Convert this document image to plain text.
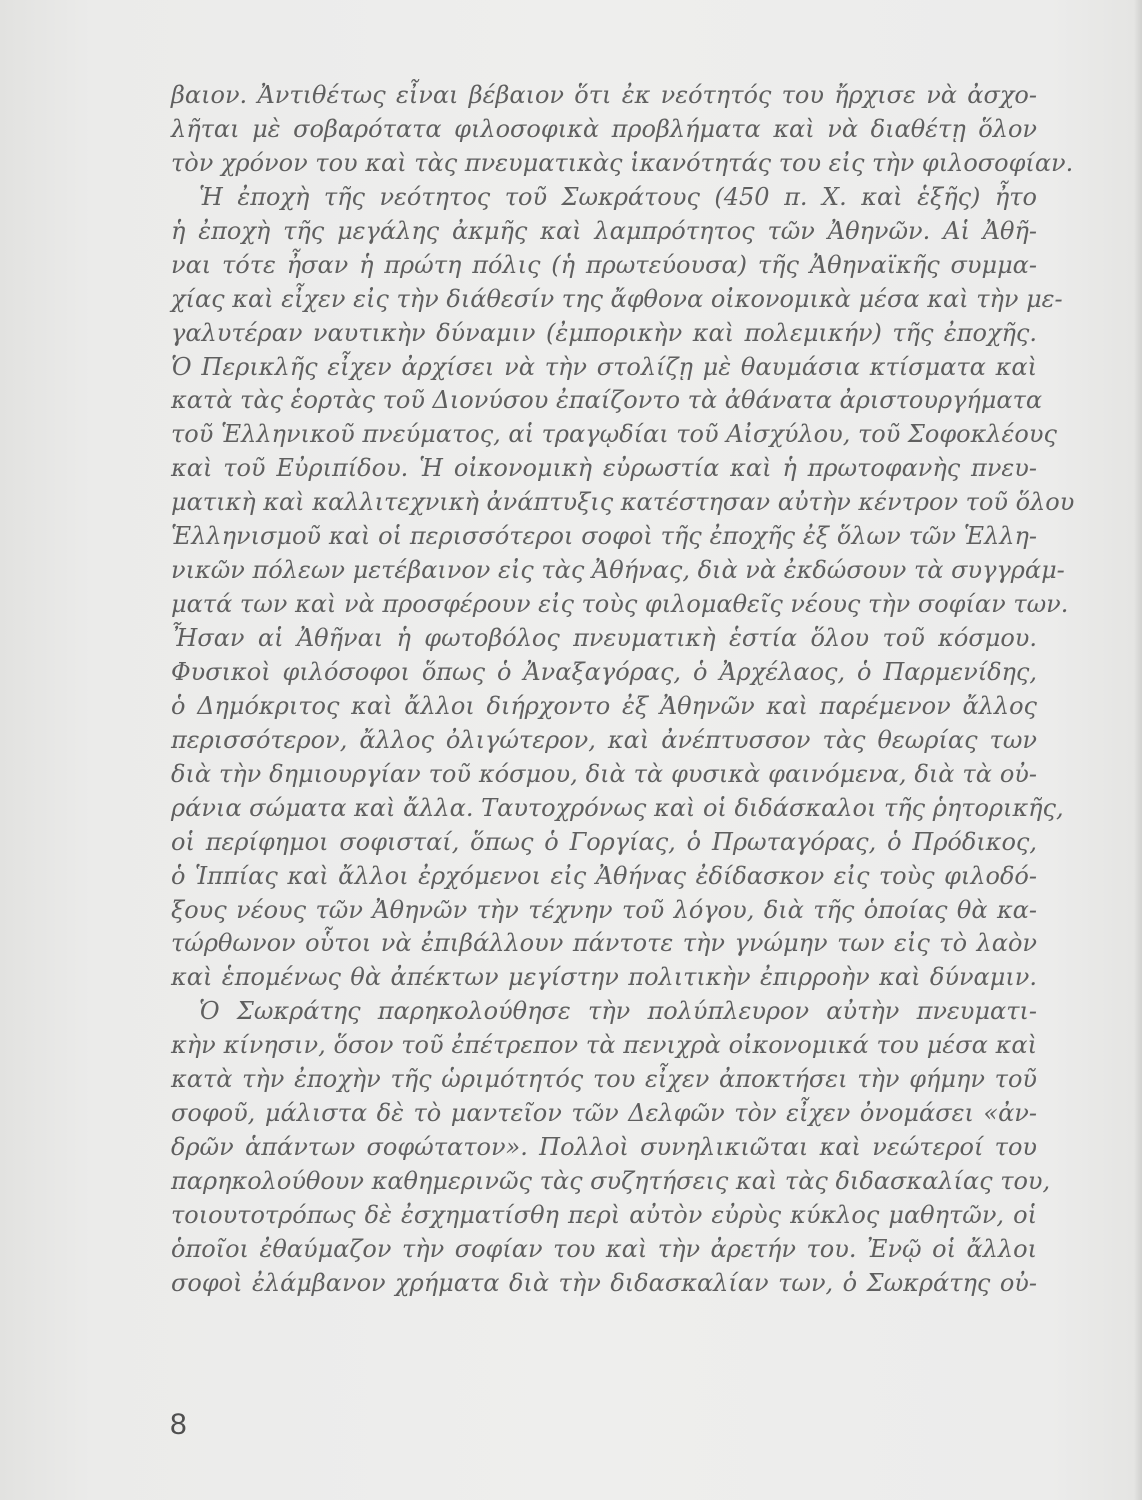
βαιον. Ἀντιθέτως εἶναι βέβαιον ὅτι ἐκ νεότητός του ἤρχισε νὰ ἀσχο-
λῆται μὲ σοβαρότατα φιλοσοφικὰ προβλήματα καὶ νὰ διαθέτῃ ὅλον
τὸν χρόνον του καὶ τὰς πνευματικὰς ἱκανότητάς του εἰς τὴν φιλοσοφίαν.
Ἡ ἐποχὴ τῆς νεότητος τοῦ Σωκράτους (450 π. Χ. καὶ ἑξῆς) ἦτο
ἡ ἐποχὴ τῆς μεγάλης ἀκμῆς καὶ λαμπρότητος τῶν Ἀθηνῶν. Αἱ Ἀθῆ-
ναι τότε ἦσαν ἡ πρώτη πόλις (ἡ πρωτεύουσα) τῆς Ἀθηναϊκῆς συμμα-
χίας καὶ εἶχεν εἰς τὴν διάθεσίν της ἄφθονα οἰκονομικὰ μέσα καὶ τὴν με-
γαλυτέραν ναυτικὴν δύναμιν (ἐμπορικὴν καὶ πολεμικήν) τῆς ἐποχῆς.
Ὁ Περικλῆς εἶχεν ἀρχίσει νὰ τὴν στολίζῃ μὲ θαυμάσια κτίσματα καὶ
κατὰ τὰς ἑορτὰς τοῦ Διονύσου ἐπαίζοντο τὰ ἀθάνατα ἀριστουργήματα
τοῦ Ἑλληνικοῦ πνεύματος, αἱ τραγῳδίαι τοῦ Αἰσχύλου, τοῦ Σοφοκλέους
καὶ τοῦ Εὐριπίδου. Ἡ οἰκονομικὴ εὐρωστία καὶ ἡ πρωτοφανὴς πνευ-
ματικὴ καὶ καλλιτεχνικὴ ἀνάπτυξις κατέστησαν αὐτὴν κέντρον τοῦ ὅλου
Ἑλληνισμοῦ καὶ οἱ περισσότεροι σοφοὶ τῆς ἐποχῆς ἐξ ὅλων τῶν Ἑλλη-
νικῶν πόλεων μετέβαινον εἰς τὰς Ἀθήνας, διὰ νὰ ἐκδώσουν τὰ συγγράμ-
ματά των καὶ νὰ προσφέρουν εἰς τοὺς φιλομαθεῖς νέους τὴν σοφίαν των.
Ἦσαν αἱ Ἀθῆναι ἡ φωτοβόλος πνευματικὴ ἑστία ὅλου τοῦ κόσμου.
Φυσικοὶ φιλόσοφοι ὅπως ὁ Ἀναξαγόρας, ὁ Ἀρχέλαος, ὁ Παρμενίδης,
ὁ Δημόκριτος καὶ ἄλλοι διήρχοντο ἐξ Ἀθηνῶν καὶ παρέμενον ἄλλος
περισσότερον, ἄλλος ὀλιγώτερον, καὶ ἀνέπτυσσον τὰς θεωρίας των
διὰ τὴν δημιουργίαν τοῦ κόσμου, διὰ τὰ φυσικὰ φαινόμενα, διὰ τὰ οὐ-
ράνια σώματα καὶ ἄλλα. Ταυτοχρόνως καὶ οἱ διδάσκαλοι τῆς ῥητορικῆς,
οἱ περίφημοι σοφισταί, ὅπως ὁ Γοργίας, ὁ Πρωταγόρας, ὁ Πρόδικος,
ὁ Ἱππίας καὶ ἄλλοι ἐρχόμενοι εἰς Ἀθήνας ἐδίδασκον εἰς τοὺς φιλοδό-
ξους νέους τῶν Ἀθηνῶν τὴν τέχνην τοῦ λόγου, διὰ τῆς ὁποίας θὰ κα-
τώρθωνον οὗτοι νὰ ἐπιβάλλουν πάντοτε τὴν γνώμην των εἰς τὸ λαὸν
καὶ ἑπομένως θὰ ἀπέκτων μεγίστην πολιτικὴν ἐπιρροὴν καὶ δύναμιν.
Ὁ Σωκράτης παρηκολούθησε τὴν πολύπλευρον αὐτὴν πνευματι-
κὴν κίνησιν, ὅσον τοῦ ἐπέτρεπον τὰ πενιχρὰ οἰκονομικά του μέσα καὶ
κατὰ τὴν ἐποχὴν τῆς ὡριμότητός του εἶχεν ἀποκτήσει τὴν φήμην τοῦ
σοφοῦ, μάλιστα δὲ τὸ μαντεῖον τῶν Δελφῶν τὸν εἶχεν ὀνομάσει «ἀν-
δρῶν ἁπάντων σοφώτατον». Πολλοὶ συνηλικιῶται καὶ νεώτεροί του
παρηκολούθουν καθημερινῶς τὰς συζητήσεις καὶ τὰς διδασκαλίας του,
τοιουτοτρόπως δὲ ἐσχηματίσθη περὶ αὐτὸν εὐρὺς κύκλος μαθητῶν, οἱ
ὁποῖοι ἐθαύμαζον τὴν σοφίαν του καὶ τὴν ἀρετήν του. Ἐνῷ οἱ ἄλλοι
σοφοὶ ἐλάμβανον χρήματα διὰ τὴν διδασκαλίαν των, ὁ Σωκράτης οὐ-
8
